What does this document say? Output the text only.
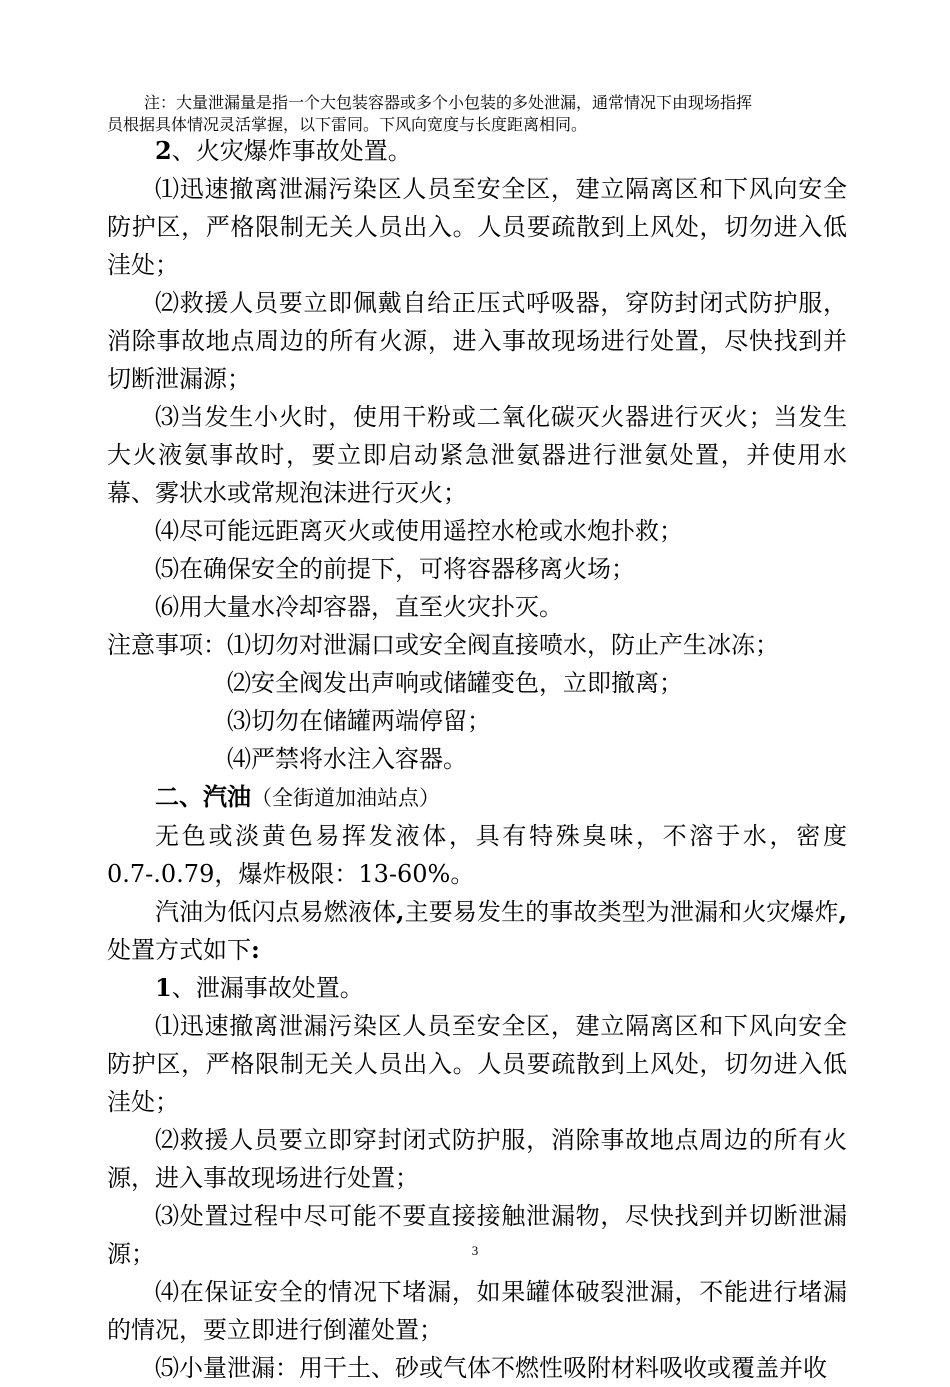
注：大量泄漏量是指一个大包装容器或多个小包装的多处泄漏，通常情况下由现场指挥

员根据具体情况灵活掌握，以下雷同。下风向宽度与长度距离相同。

2、火灾爆炸事故处置。

⑴迅速撤离泄漏污染区人员至安全区，建立隔离区和下风向安全防护区，严格限制无关人员出入。人员要疏散到上风处，切勿进入低洼处；

⑵救援人员要立即佩戴自给正压式呼吸器，穿防封闭式防护服，消除事故地点周边的所有火源，进入事故现场进行处置，尽快找到并切断泄漏源；

⑶当发生小火时，使用干粉或二氧化碳灭火器进行灭火；当发生大火液氨事故时，要立即启动紧急泄氨器进行泄氨处置，并使用水幕、雾状水或常规泡沫进行灭火；

⑷尽可能远距离灭火或使用遥控水枪或水炮扑救；

⑸在确保安全的前提下，可将容器移离火场；

⑹用大量水冷却容器，直至火灾扑灭。

注意事项：⑴切勿对泄漏口或安全阀直接喷水，防止产生冰冻；

⑵安全阀发出声响或储罐变色，立即撤离；

⑶切勿在储罐两端停留；

⑷严禁将水注入容器。

二、汽油（全街道加油站点）

无色或淡黄色易挥发液体，具有特殊臭味，不溶于水，密度0.7-.0.79，爆炸极限：13-60%。

汽油为低闪点易燃液体,主要易发生的事故类型为泄漏和火灾爆炸,处置方式如下:

1、泄漏事故处置。

⑴迅速撤离泄漏污染区人员至安全区，建立隔离区和下风向安全防护区，严格限制无关人员出入。人员要疏散到上风处，切勿进入低洼处；

⑵救援人员要立即穿封闭式防护服，消除事故地点周边的所有火源，进入事故现场进行处置；

⑶处置过程中尽可能不要直接接触泄漏物，尽快找到并切断泄漏源；

⑷在保证安全的情况下堵漏，如果罐体破裂泄漏，不能进行堵漏的情况，要立即进行倒灌处置；

⑸小量泄漏：用干土、砂或气体不燃性吸附材料吸收或覆盖并收

3
